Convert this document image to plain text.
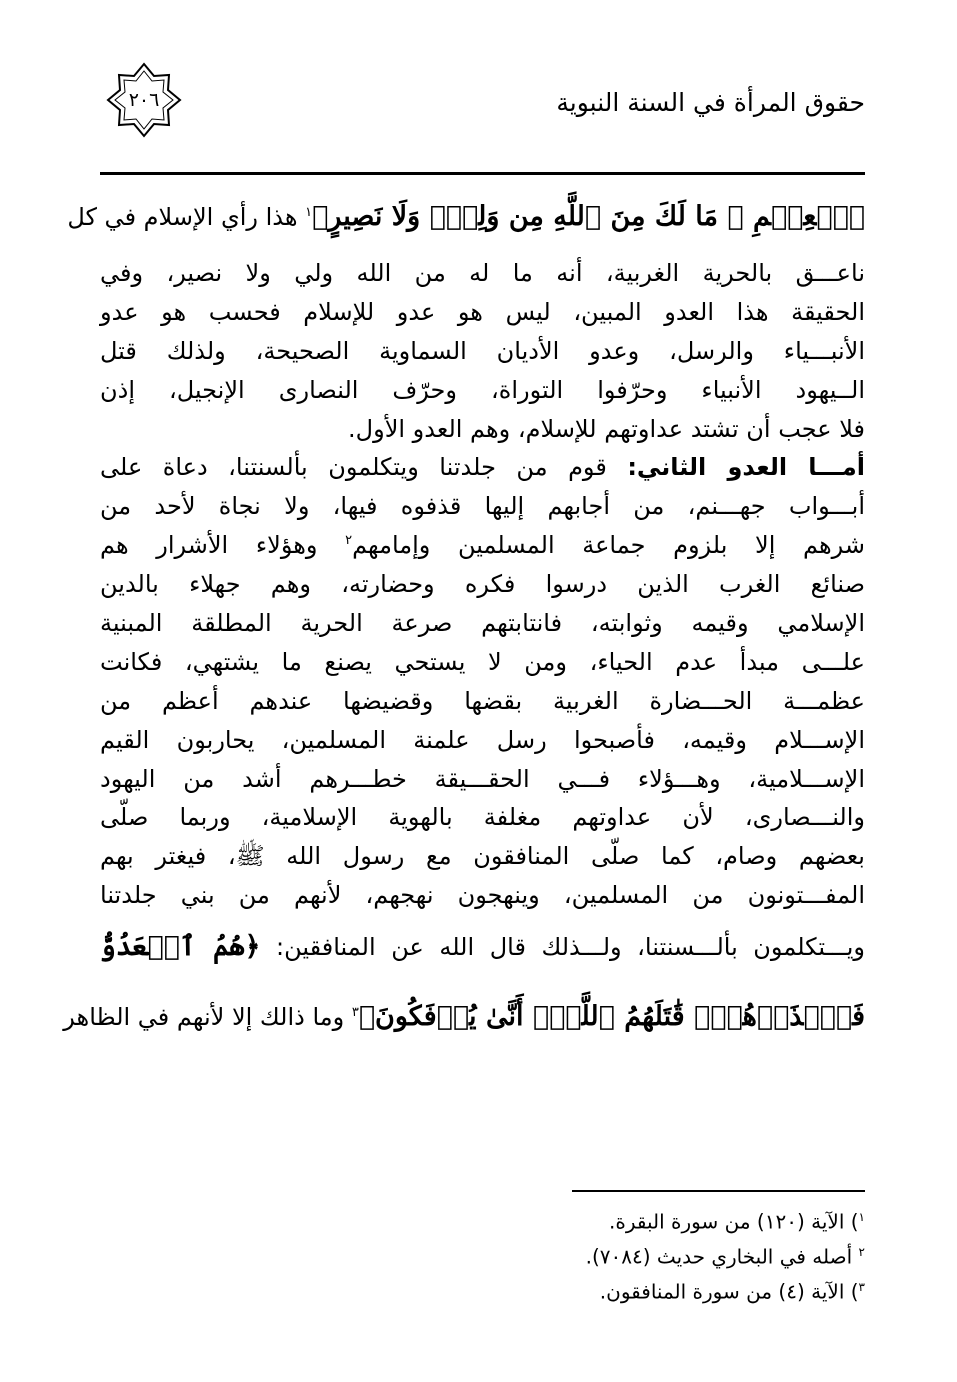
حقوق المرأة في السنة النبوية
٢٠٦
ﭐلۡعِلۡمِ ۙ مَا لَكَ مِنَ ٱللَّهِ مِن وَلِيّٖ وَلَا نَصِيرٍ﴾$^١$ هذا رأي الإسلام في كل
ناعـــق بالحرية الغربية، أنه ما له من الله ولي ولا نصير، وفي
الحقيقة هذا العدو المبين، ليس هو عدو للإسلام فحسب هو عدو
الأنبـــياء والرسل، وعدو الأديان السماوية الصحيحة، ولذلك قتل
الــيهود الأنبياء وحرّفوا التوراة، وحرّف النصارى الإنجيل، إذن
فلا عجب أن تشتد عداوتهم للإسلام، وهم العدو الأول.
أمـــا العدو الثاني: قوم من جلدتنا ويتكلمون بألسنتنا، دعاة على
أبـــواب جهـــنم، من أجابهم إليها قذفوه فيها، ولا نجاة لأحد من
شرهم إلا بلزوم جماعة المسلمين وإمامهم$^٢$ وهؤلاء الأشرار هم
صنائع الغرب الذين درسوا فكره وحضارته، وهم جهلاء بالدين
الإسلامي وقيمه وثوابته، فانتابتهم صرعة الحرية المطلقة المبنية
علـــى مبدأ عدم الحياء، ومن لا يستحي يصنع ما يشتهي، فكانت
عظمـــة الحـــضارة الغربية بقضها وقضيضها عندهم أعظم من
الإســـلام وقيمه، فأصبحوا رسل علمنة المسلمين، يحاربون القيم
الإســـلامية، وهـــؤلاء فـــي الحقـــيقة خطـــرهم أشد من اليهود
والنـــصارى، لأن عداوتهم مغلفة بالهوية الإسلامية، وربما صلّى
بعضهم وصام، كما صلّى المنافقون مع رسول الله ﷺ، فيغتر بهم
المفـــتونون من المسلمين، وينهجون نهجهم، لأنهم من بني جلدتنا
ويـــتكلمون بألـــسنتنا، ولـــذلك قال الله عن المنافقين: ﴿هُمُ ٱلۡعَدُوُّ
فَٱحۡذَرۡهُمۡۚ قَٰتَلَهُمُ ٱللَّهُۖ أَنَّىٰ يُؤۡفَكُونَ﴾$^٣$ وما ذالك إلا لأنهم في الظاهر
$^١$) الآية (١٢٠) من سورة البقرة.
$^٢$ أصله في البخاري حديث (٧٠٨٤).
$^٣$) الآية (٤) من سورة المنافقون.
